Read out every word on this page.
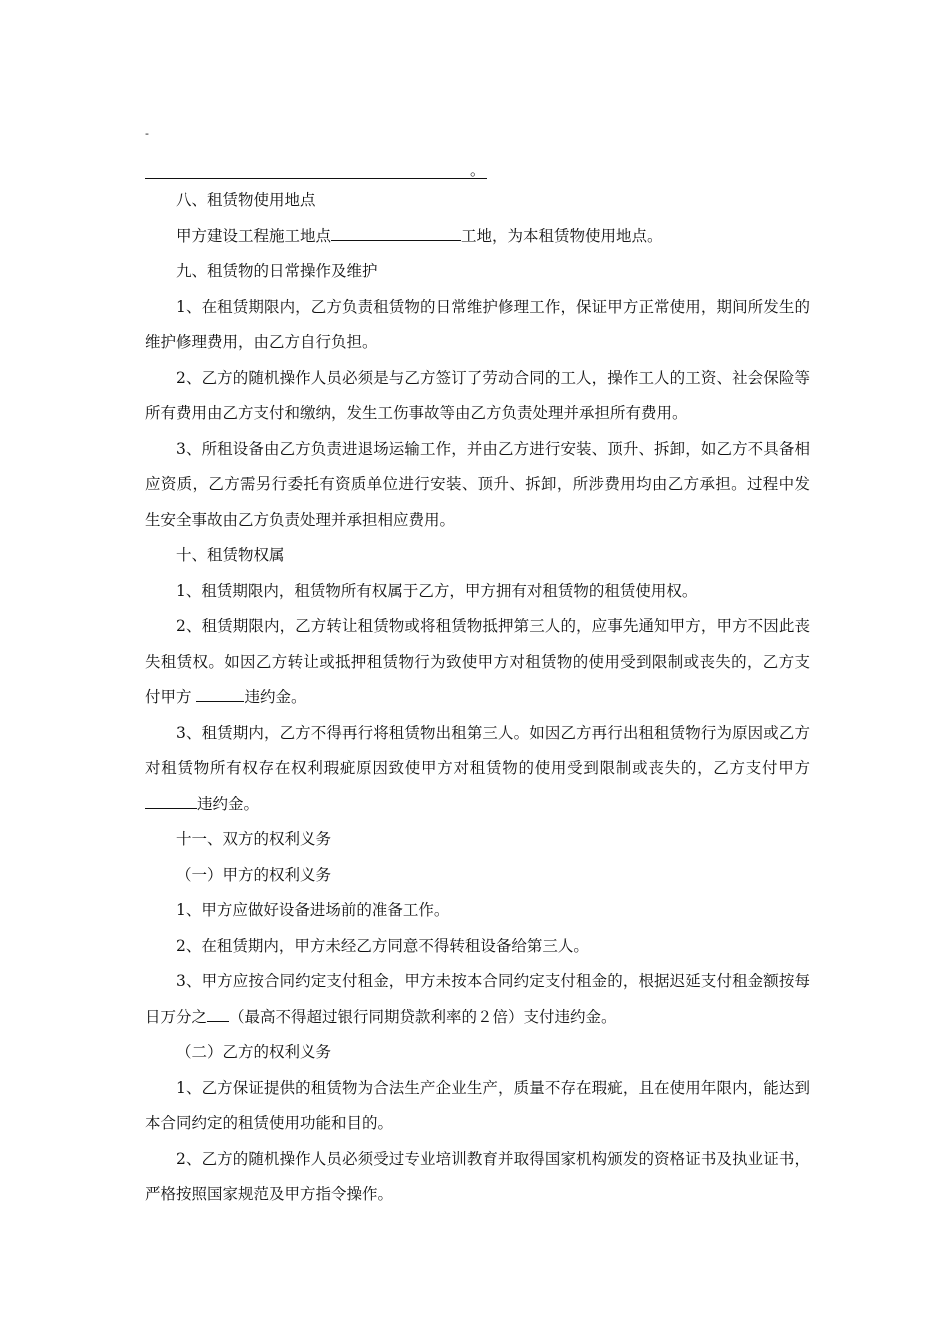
-
。

八、租赁物使用地点

甲方建设工程施工地点	工地，为本租赁物使用地点。

九、租赁物的日常操作及维护

1、在租赁期限内，乙方负责租赁物的日常维护修理工作，保证甲方正常使用，期间所发生的维护修理费用，由乙方自行负担。

2、乙方的随机操作人员必须是与乙方签订了劳动合同的工人，操作工人的工资、社会保险等所有费用由乙方支付和缴纳，发生工伤事故等由乙方负责处理并承担所有费用。

3、所租设备由乙方负责进退场运输工作，并由乙方进行安装、顶升、拆卸，如乙方不具备相应资质，乙方需另行委托有资质单位进行安装、顶升、拆卸，所涉费用均由乙方承担。过程中发生安全事故由乙方负责处理并承担相应费用。

十、租赁物权属

1、租赁期限内，租赁物所有权属于乙方，甲方拥有对租赁物的租赁使用权。

2、租赁期限内，乙方转让租赁物或将租赁物抵押第三人的，应事先通知甲方，甲方不因此丧失租赁权。如因乙方转让或抵押租赁物行为致使甲方对租赁物的使用受到限制或丧失的，乙方支付甲方	违约金。

3、租赁期内，乙方不得再行将租赁物出租第三人。如因乙方再行出租租赁物行为原因或乙方对租赁物所有权存在权利瑕疵原因致使甲方对租赁物的使用受到限制或丧失的，乙方支付甲方违约金。

十一、双方的权利义务

（一）甲方的权利义务

1、甲方应做好设备进场前的准备工作。

2、在租赁期内，甲方未经乙方同意不得转租设备给第三人。

3、甲方应按合同约定支付租金，甲方未按本合同约定支付租金的，根据迟延支付租金额按每日万分之 （最高不得超过银行同期贷款利率的２倍）支付违约金。

（二）乙方的权利义务

1、乙方保证提供的租赁物为合法生产企业生产，质量不存在瑕疵，且在使用年限内，能达到本合同约定的租赁使用功能和目的。

2、乙方的随机操作人员必须受过专业培训教育并取得国家机构颁发的资格证书及执业证书，严格按照国家规范及甲方指令操作。
